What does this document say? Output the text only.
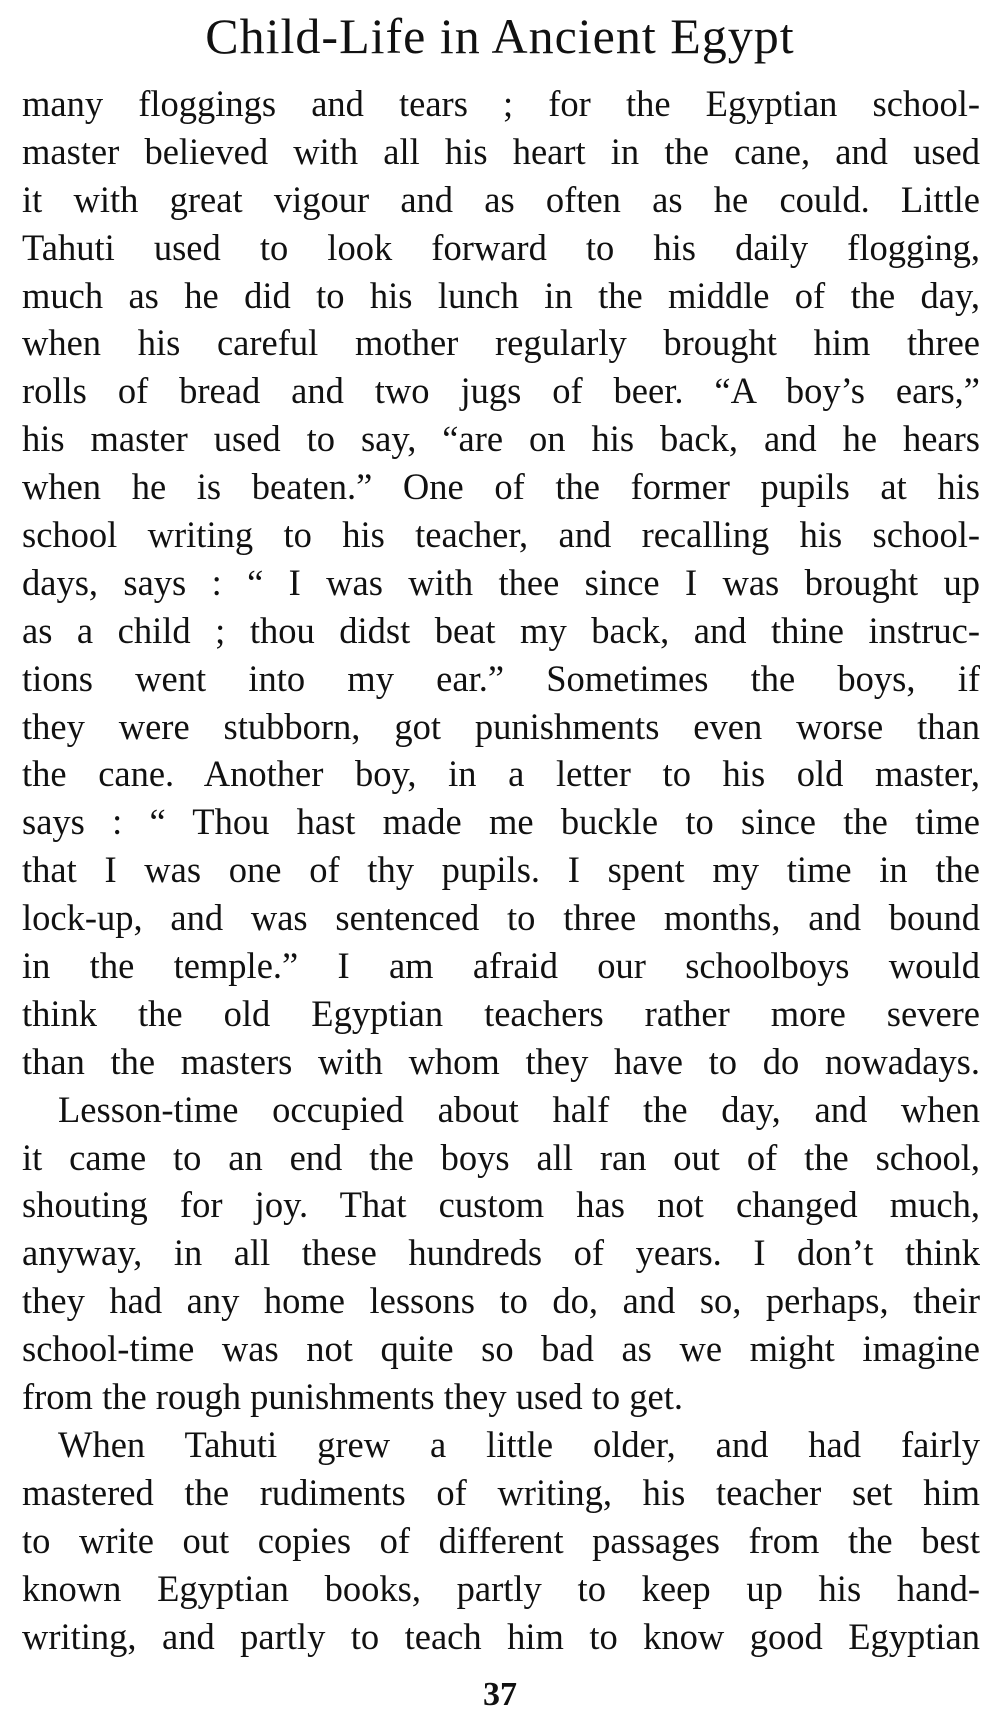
Child-Life in Ancient Egypt
many floggings and tears ; for the Egyptian school-
master believed with all his heart in the cane, and used
it with great vigour and as often as he could. Little
Tahuti used to look forward to his daily flogging,
much as he did to his lunch in the middle of the day,
when his careful mother regularly brought him three
rolls of bread and two jugs of beer. “A boy’s ears,”
his master used to say, “are on his back, and he hears
when he is beaten.” One of the former pupils at his
school writing to his teacher, and recalling his school-
days, says : “ I was with thee since I was brought up
as a child ; thou didst beat my back, and thine instruc-
tions went into my ear.” Sometimes the boys, if
they were stubborn, got punishments even worse than
the cane. Another boy, in a letter to his old master,
says : “ Thou hast made me buckle to since the time
that I was one of thy pupils. I spent my time in the
lock-up, and was sentenced to three months, and bound
in the temple.” I am afraid our schoolboys would
think the old Egyptian teachers rather more severe
than the masters with whom they have to do nowadays.
Lesson-time occupied about half the day, and when
it came to an end the boys all ran out of the school,
shouting for joy. That custom has not changed much,
anyway, in all these hundreds of years. I don’t think
they had any home lessons to do, and so, perhaps, their
school-time was not quite so bad as we might imagine
from the rough punishments they used to get.
When Tahuti grew a little older, and had fairly
mastered the rudiments of writing, his teacher set him
to write out copies of different passages from the best
known Egyptian books, partly to keep up his hand-
writing, and partly to teach him to know good Egyptian
37
